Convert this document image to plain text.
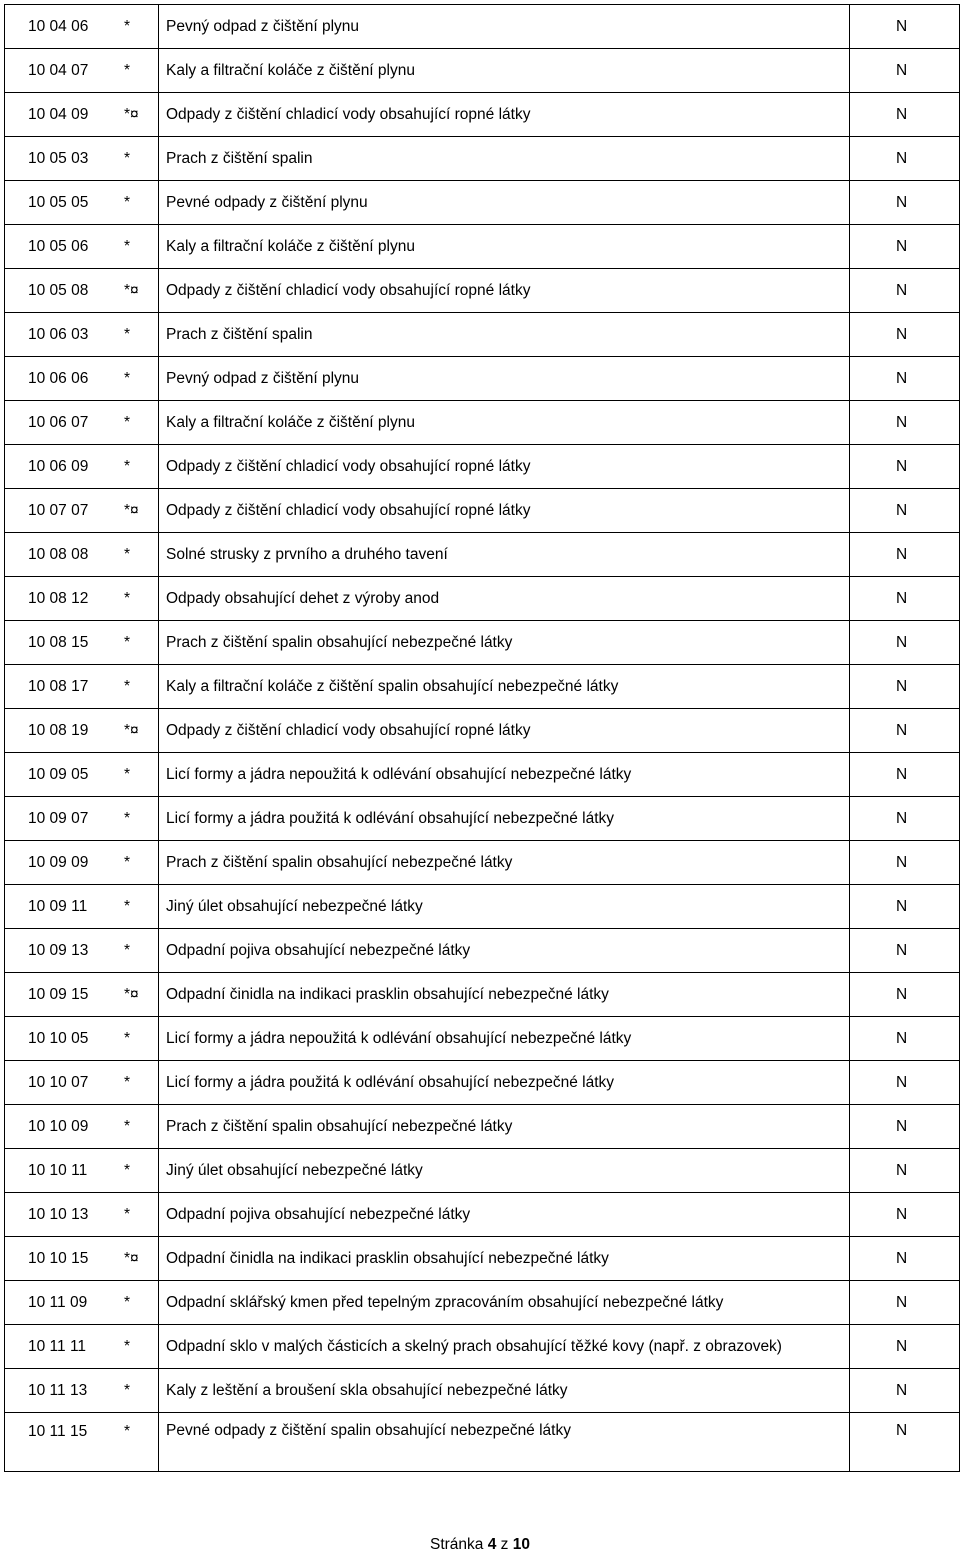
10 04 06 *	Pevný odpad z čištění plynu	N

10 04 07 *	Kaly a filtrační koláče z čištění plynu	N

10 04 09 *¤	Odpady z čištění chladicí vody obsahující ropné látky	N

10 05 03 *	Prach z čištění spalin	N

10 05 05 *	Pevné odpady z čištění plynu	N

10 05 06 *	Kaly a filtrační koláče z čištění plynu	N

10 05 08 *¤	Odpady z čištění chladicí vody obsahující ropné látky	N

10 06 03 *	Prach z čištění spalin	N

10 06 06 *	Pevný odpad z čištění plynu	N

10 06 07 *	Kaly a filtrační koláče z čištění plynu	N

10 06 09 *	Odpady z čištění chladicí vody obsahující ropné látky	N

10 07 07 *¤	Odpady z čištění chladicí vody obsahující ropné látky	N

10 08 08 *	Solné strusky z prvního a druhého tavení	N

10 08 12 *	Odpady obsahující dehet z výroby anod	N

10 08 15 *	Prach z čištění spalin obsahující nebezpečné látky	N

10 08 17 *	Kaly a filtrační koláče z čištění spalin obsahující nebezpečné látky	N

10 08 19 *¤	Odpady z čištění chladicí vody obsahující ropné látky	N

10 09 05 *	Licí formy a jádra nepoužitá k odlévání obsahující nebezpečné látky	N

10 09 07 *	Licí formy a jádra použitá k odlévání obsahující nebezpečné látky	N

10 09 09 *	Prach z čištění spalin obsahující nebezpečné látky	N

10 09 11 *	Jiný úlet obsahující nebezpečné látky	N

10 09 13 *	Odpadní pojiva obsahující nebezpečné látky	N

10 09 15 *¤	Odpadní činidla na indikaci prasklin obsahující nebezpečné látky	N

10 10 05 *	Licí formy a jádra nepoužitá k odlévání obsahující nebezpečné látky	N

10 10 07 *	Licí formy a jádra použitá k odlévání obsahující nebezpečné látky	N

10 10 09 *	Prach z čištění spalin obsahující nebezpečné látky	N

10 10 11 *	Jiný úlet obsahující nebezpečné látky	N

10 10 13 *	Odpadní pojiva obsahující nebezpečné látky	N

10 10 15 *¤	Odpadní činidla na indikaci prasklin obsahující nebezpečné látky	N

10 11 09 *	Odpadní sklářský kmen před tepelným zpracováním obsahující nebezpečné látky	N

10 11 11 *	Odpadní sklo v malých částicích a skelný prach obsahující těžké kovy (např. z obrazovek)	N

10 11 13 *	Kaly z leštění a broušení skla obsahující nebezpečné látky	N

10 11 15 *	Pevné odpady z čištění spalin obsahující nebezpečné látky	N
Stránka 4 z 10
